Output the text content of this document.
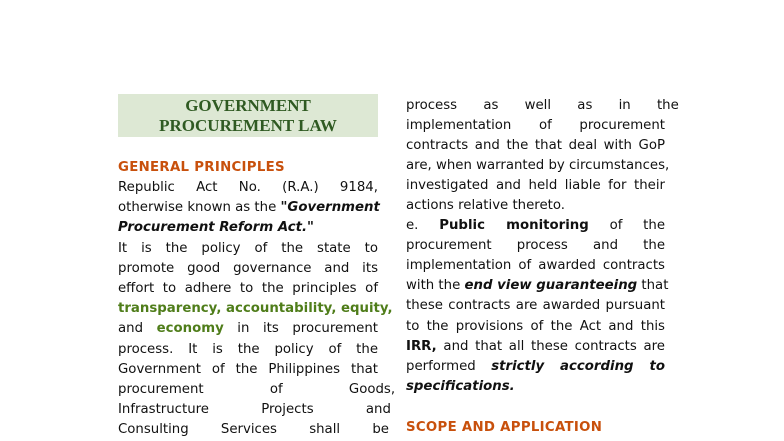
GOVERNMENT
PROCUREMENT LAW
GENERAL PRINCIPLES
Republic Act No. (R.A.) 9184,
otherwise known as the "Government
Procurement Reform Act."
It is the policy of the state to
promote good governance and its
effort to adhere to the principles of
transparency, accountability, equity,
and economy in its procurement
process. It is the policy of the
Government of the Philippines that
procurement of Goods,
Infrastructure Projects and
Consulting Services shall be
process as well as in the
implementation of procurement
contracts and the that deal with GoP
are, when warranted by circumstances,
investigated and held liable for their
actions relative thereto.
e. Public monitoring of the
procurement process and the
implementation of awarded contracts
with the end view guaranteeing that
these contracts are awarded pursuant
to the provisions of the Act and this
IRR, and that all these contracts are
performed strictly according to
specifications.
SCOPE AND APPLICATION
